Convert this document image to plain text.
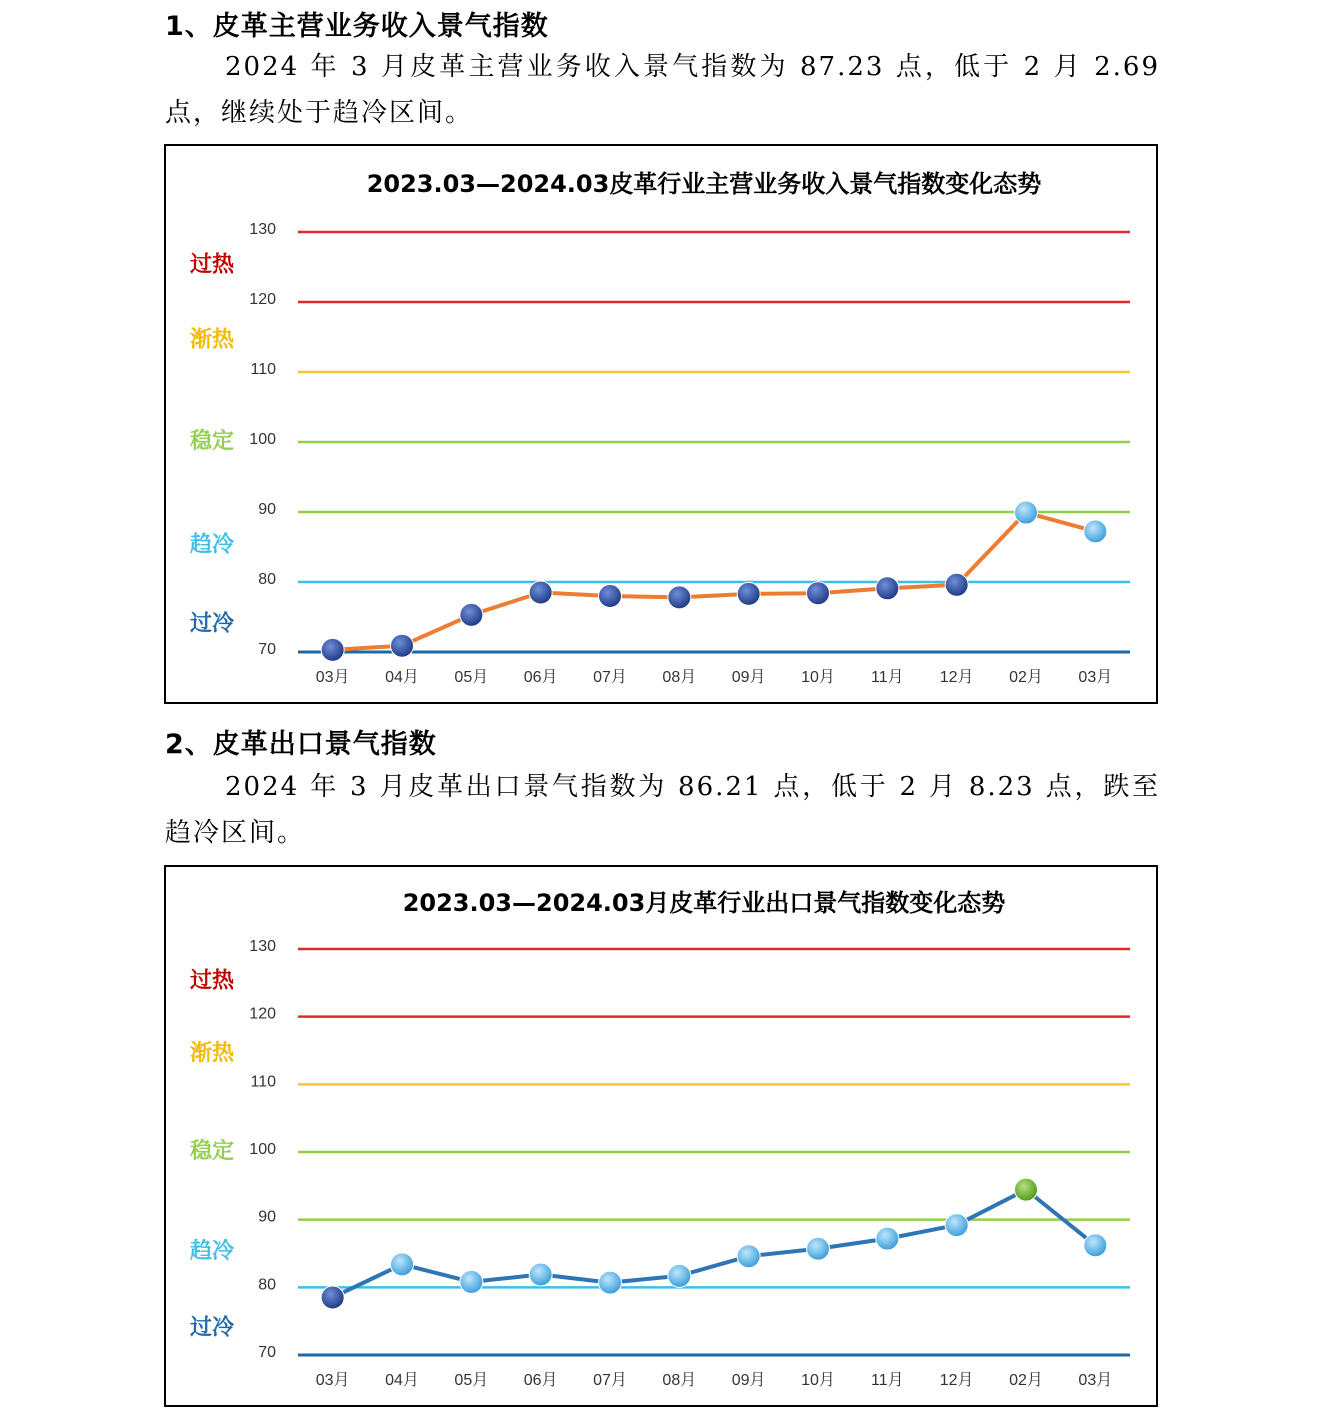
1、皮革主营业务收入景气指数
2024 年 3 月皮革主营业务收入景气指数为 87.23 点，低于 2 月 2.69 点，继续处于趋冷区间。
2023.03—2024.03皮革行业主营业务收入景气指数变化态势
70
80
90
100
110
120
130
过热
渐热
稳定
趋冷
过冷
03月 04月 05月 06月 07月 08月 09月 10月 11月 12月 02月 03月
2、皮革出口景气指数
2024 年 3 月皮革出口景气指数为 86.21 点，低于 2 月 8.23 点，跌至趋冷区间。
2023.03—2024.03月皮革行业出口景气指数变化态势
70
80
90
100
110
120
130
过热
渐热
稳定
趋冷
过冷
03月 04月 05月 06月 07月 08月 09月 10月 11月 12月 02月 03月
